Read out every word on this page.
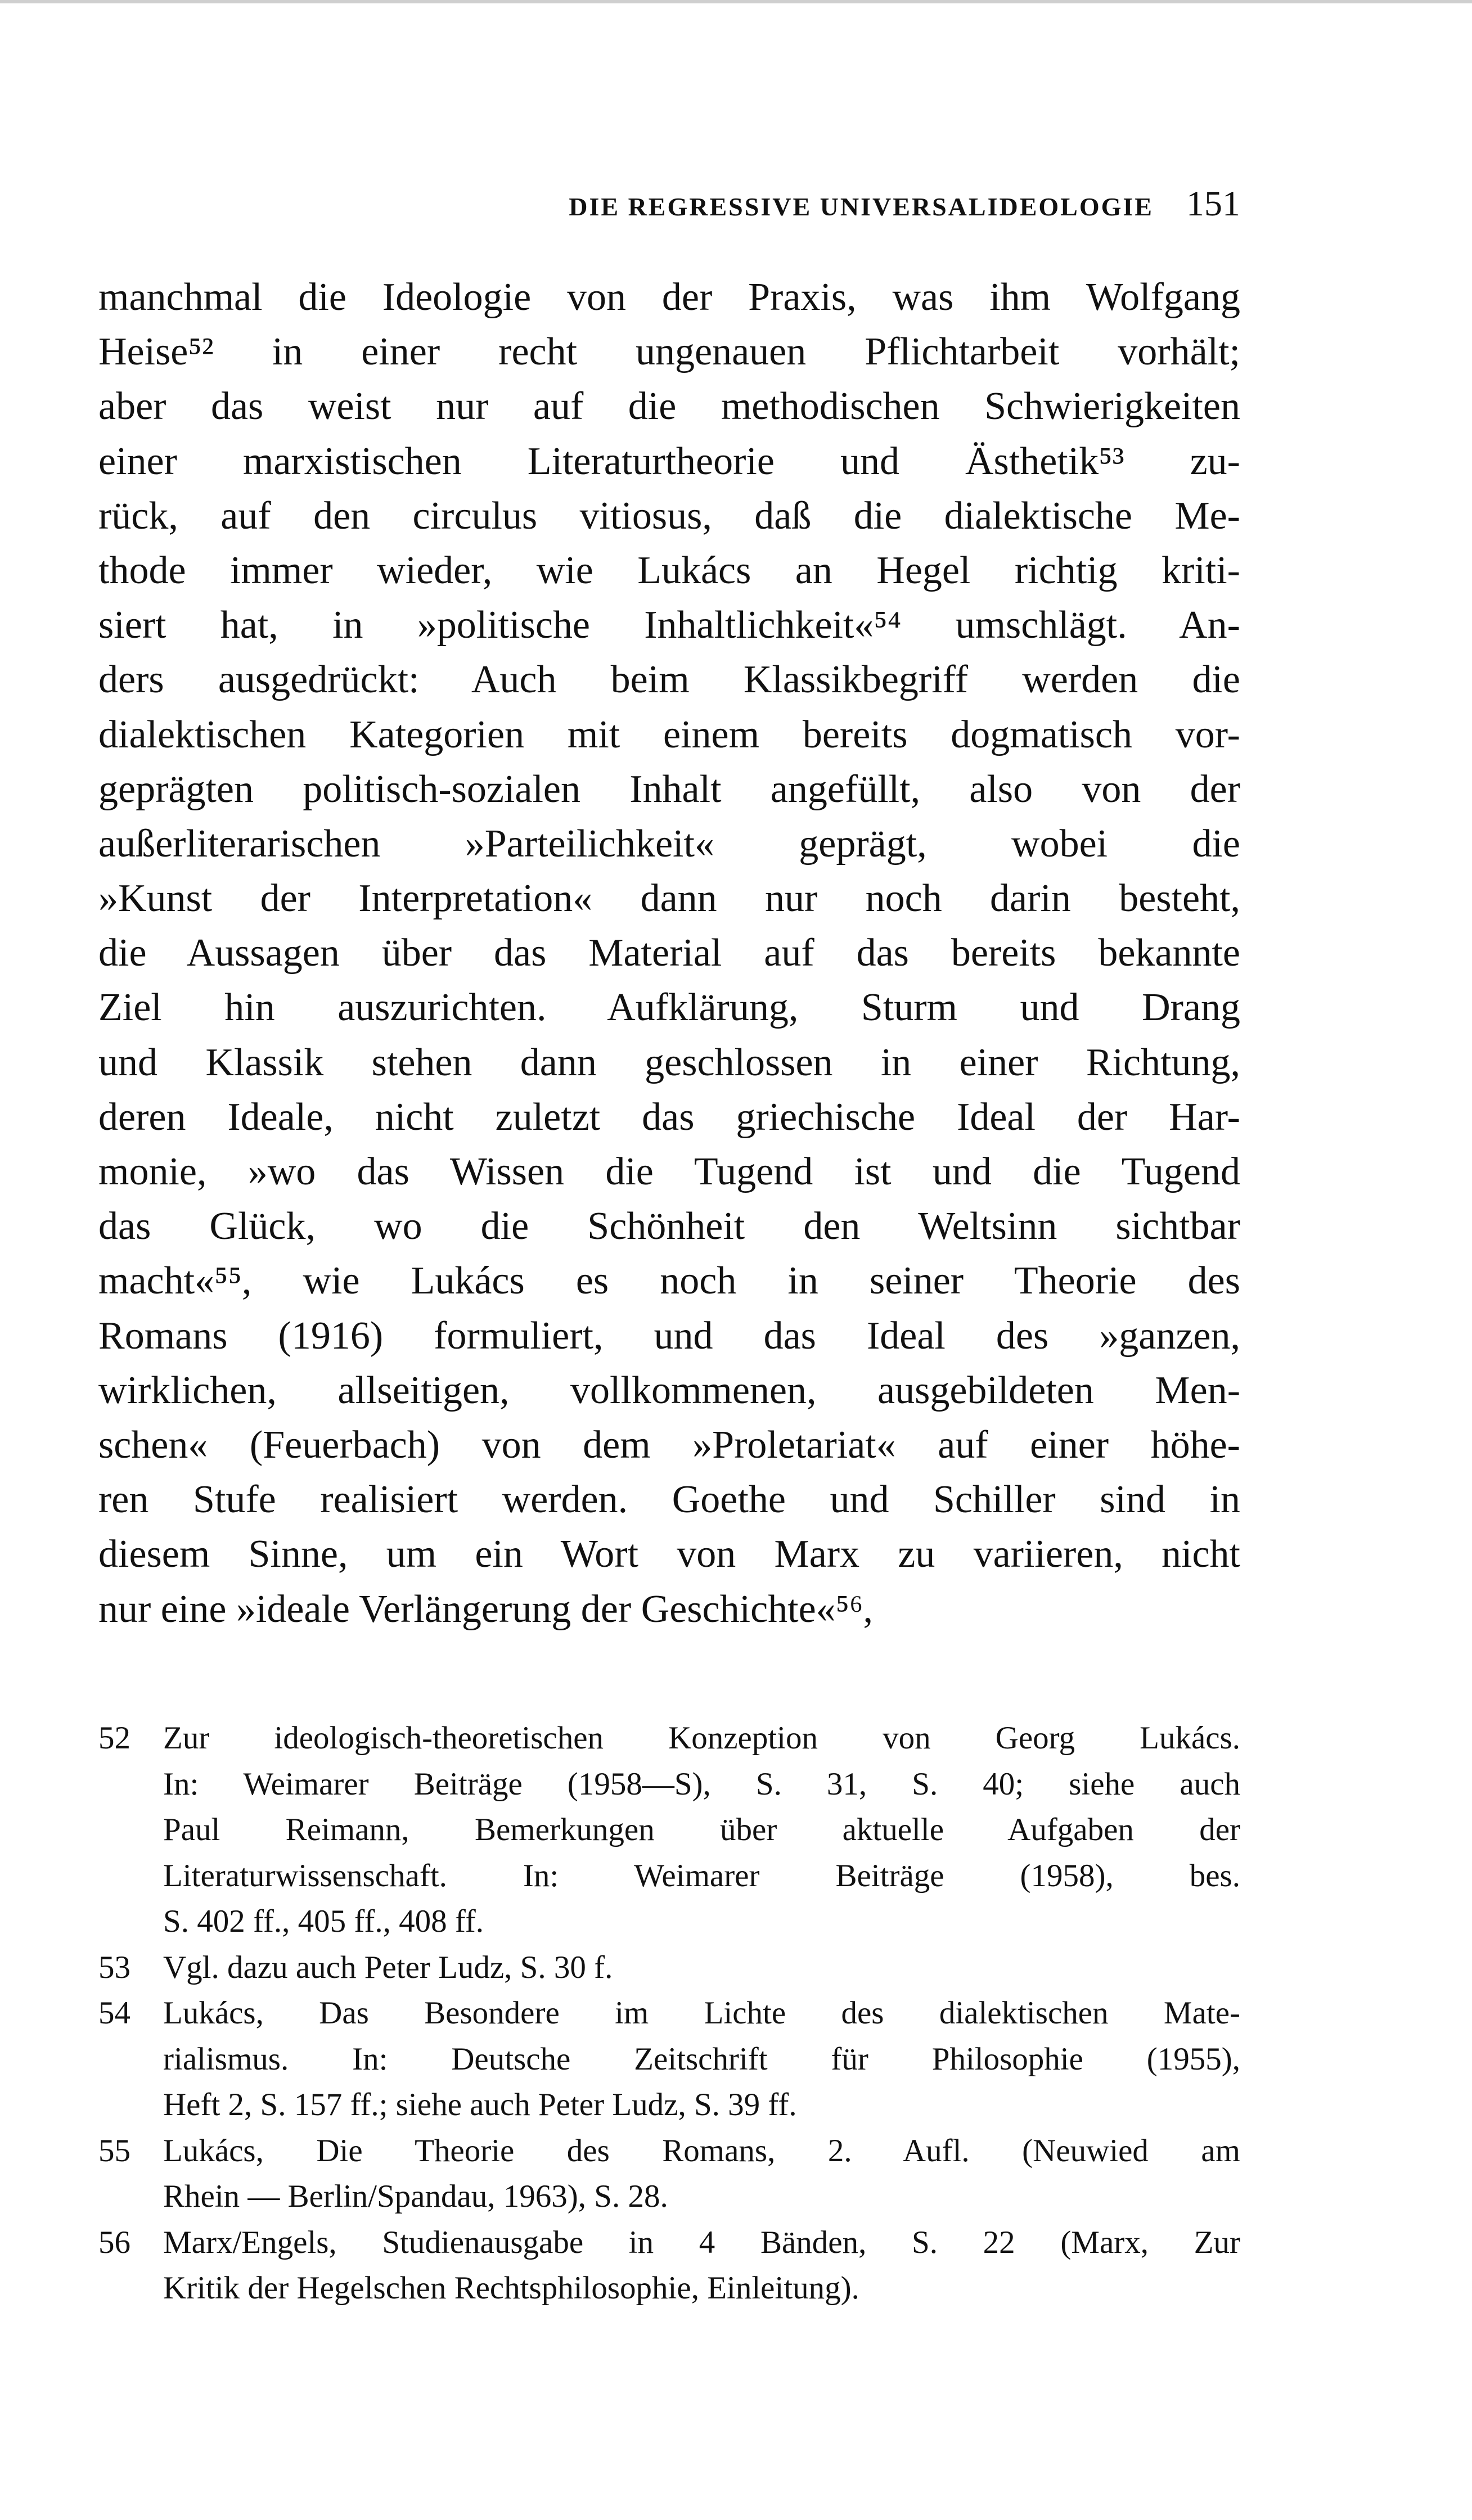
DIE REGRESSIVE UNIVERSALIDEOLOGIE 151
manchmal die Ideologie von der Praxis, was ihm Wolfgang
Heise⁵² in einer recht ungenauen Pflichtarbeit vorhält;
aber das weist nur auf die methodischen Schwierigkeiten
einer marxistischen Literaturtheorie und Ästhetik⁵³ zu-
rück, auf den circulus vitiosus, daß die dialektische Me-
thode immer wieder, wie Lukács an Hegel richtig kriti-
siert hat, in »politische Inhaltlichkeit«⁵⁴ umschlägt. An-
ders ausgedrückt: Auch beim Klassikbegriff werden die
dialektischen Kategorien mit einem bereits dogmatisch vor-
geprägten politisch-sozialen Inhalt angefüllt, also von der
außerliterarischen »Parteilichkeit« geprägt, wobei die
»Kunst der Interpretation« dann nur noch darin besteht,
die Aussagen über das Material auf das bereits bekannte
Ziel hin auszurichten. Aufklärung, Sturm und Drang
und Klassik stehen dann geschlossen in einer Richtung,
deren Ideale, nicht zuletzt das griechische Ideal der Har-
monie, »wo das Wissen die Tugend ist und die Tugend
das Glück, wo die Schönheit den Weltsinn sichtbar
macht«⁵⁵, wie Lukács es noch in seiner Theorie des
Romans (1916) formuliert, und das Ideal des »ganzen,
wirklichen, allseitigen, vollkommenen, ausgebildeten Men-
schen« (Feuerbach) von dem »Proletariat« auf einer höhe-
ren Stufe realisiert werden. Goethe und Schiller sind in
diesem Sinne, um ein Wort von Marx zu variieren, nicht
nur eine »ideale Verlängerung der Geschichte«⁵⁶,
52	Zur ideologisch-theoretischen Konzeption von Georg Lukács.
In: Weimarer Beiträge (1958—S), S. 31, S. 40; siehe auch
Paul Reimann, Bemerkungen über aktuelle Aufgaben der
Literaturwissenschaft. In: Weimarer Beiträge (1958), bes.
S. 402 ff., 405 ff., 408 ff.
53	Vgl. dazu auch Peter Ludz, S. 30 f.
54	Lukács, Das Besondere im Lichte des dialektischen Mate-
rialismus. In: Deutsche Zeitschrift für Philosophie (1955),
Heft 2, S. 157 ff.; siehe auch Peter Ludz, S. 39 ff.
55	Lukács, Die Theorie des Romans, 2. Aufl. (Neuwied am
Rhein — Berlin/Spandau, 1963), S. 28.
56	Marx/Engels, Studienausgabe in 4 Bänden, S. 22 (Marx, Zur
Kritik der Hegelschen Rechtsphilosophie, Einleitung).
